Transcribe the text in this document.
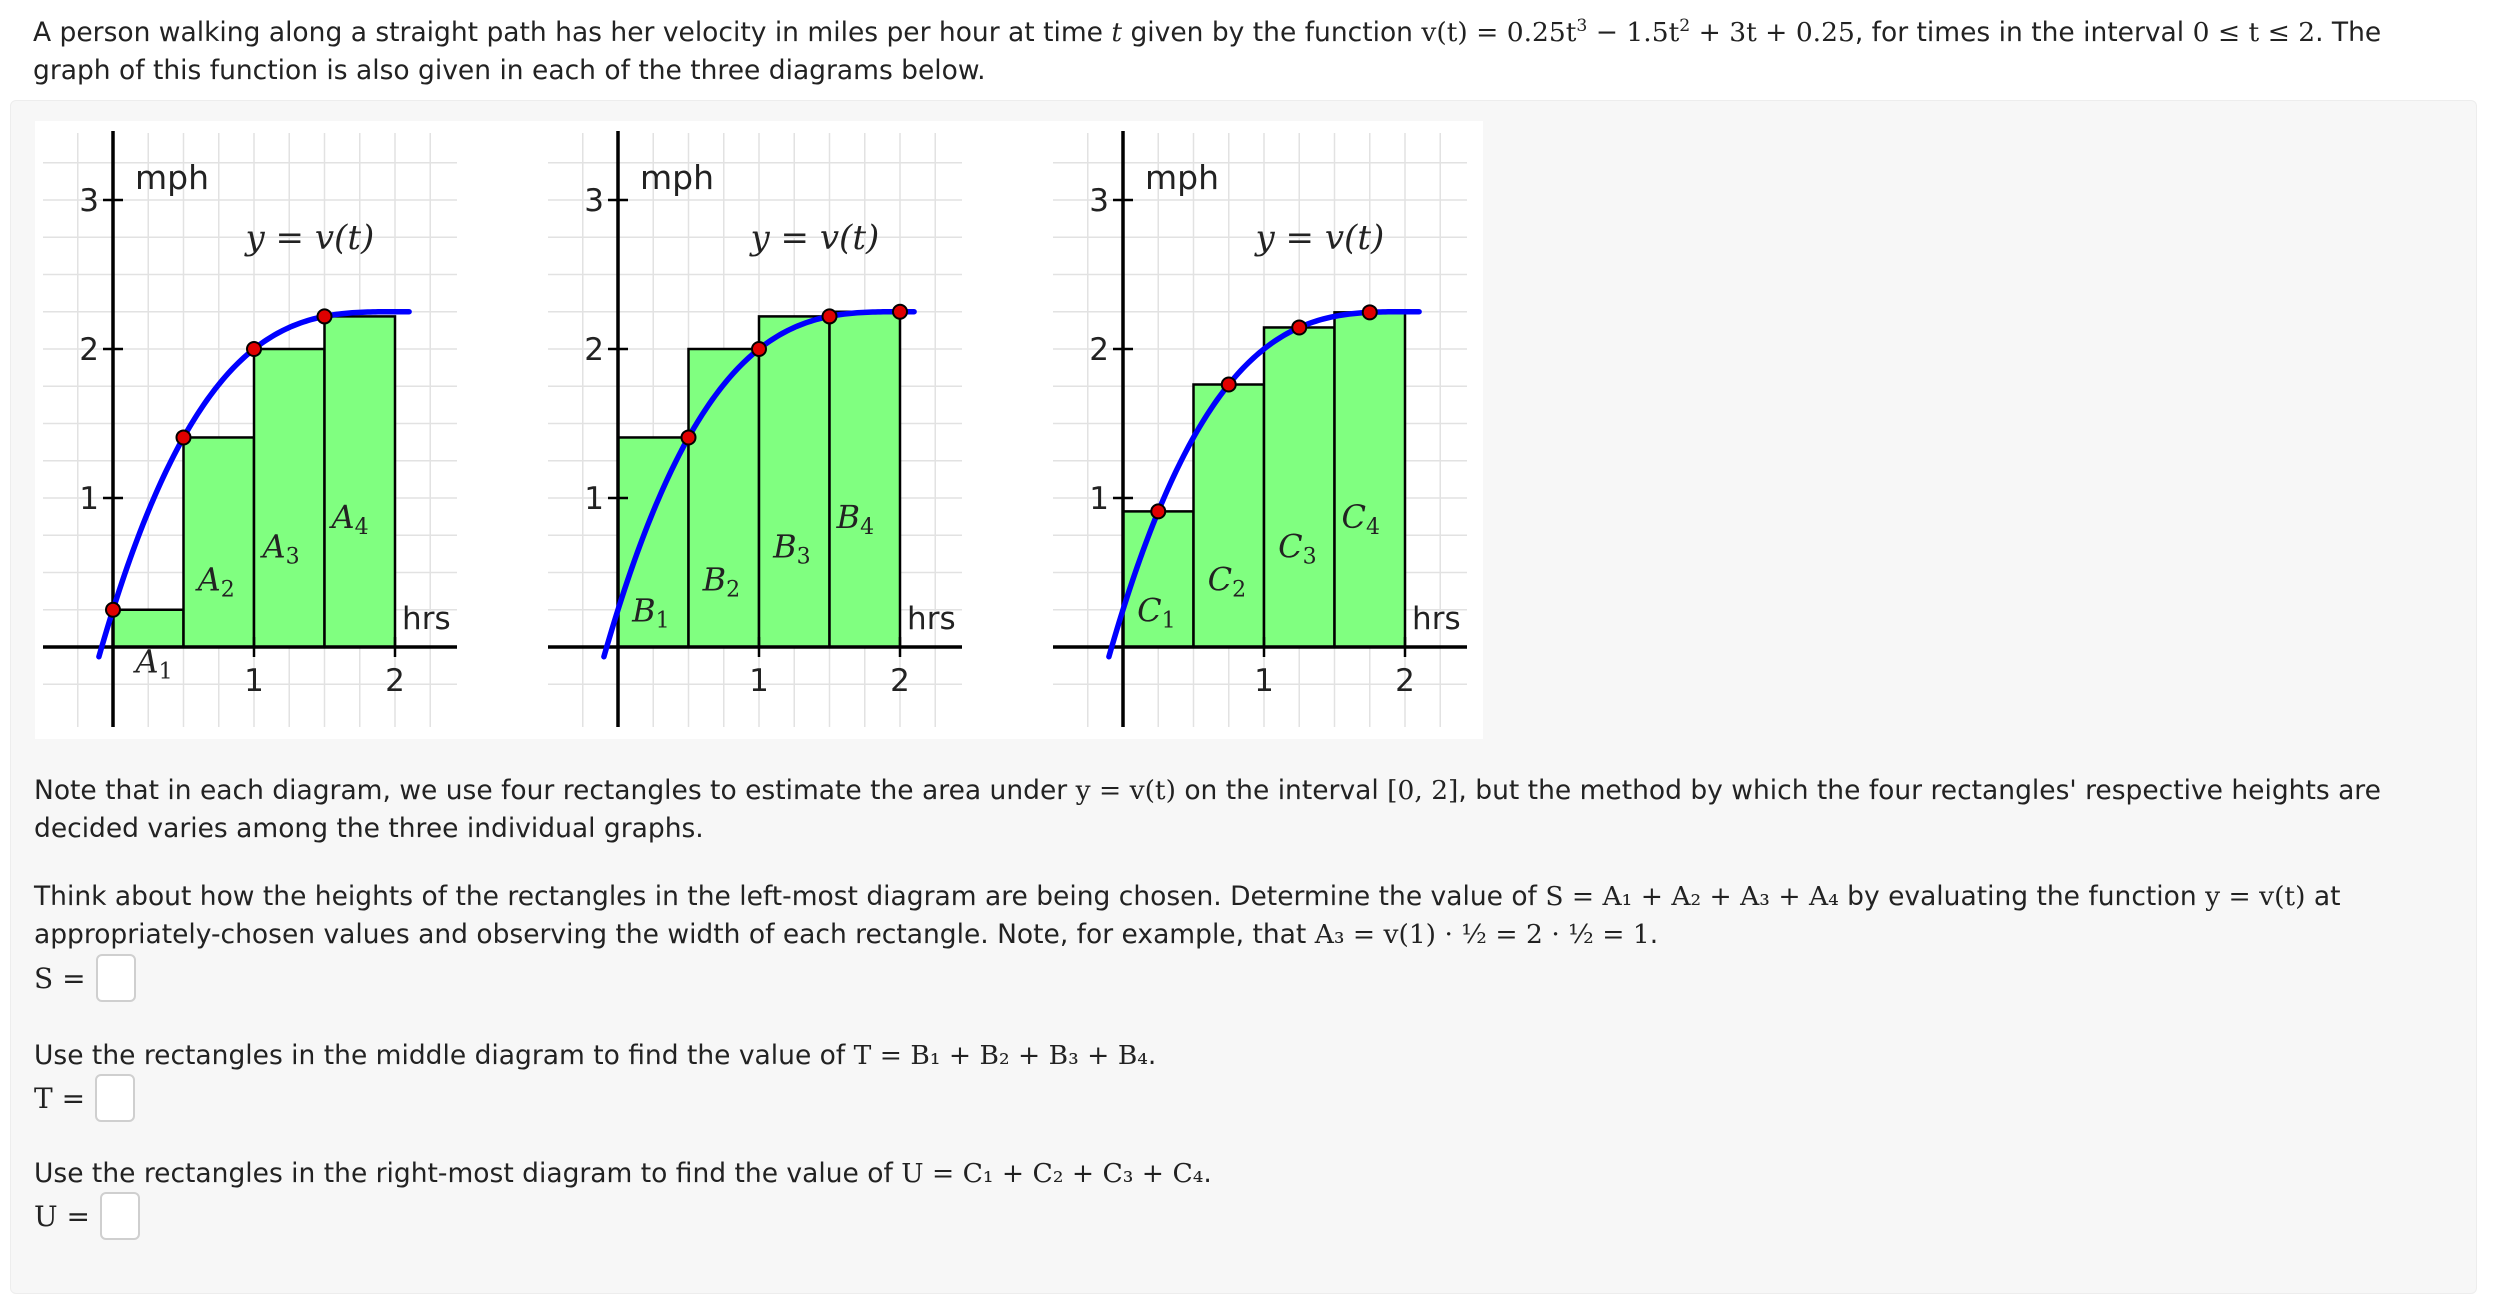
A person walking along a straight path has her velocity in miles per hour at time t given by the function $v(t) = 0.25t^3 - 1.5t^2 + 3t + 0.25$, for times in the interval 0 ≤ t ≤ 2. The graph of this function is also given in each of the three diagrams below.

1
2
3
1	2
mph
hrs
y = v(t)
A1
A2
A3
A4
1
2
3
1	2
mph
hrs
y = v(t)
B1
B2
B3
B4
1
2
3
1	2
mph
hrs
y = v(t)
C1
C2
C3
C4

Note that in each diagram, we use four rectangles to estimate the area under y = v(t) on the interval [0, 2], but the method by which the four rectangles' respective heights are decided varies among the three individual graphs.

Think about how the heights of the rectangles in the left-most diagram are being chosen. Determine the value of S = A₁ + A₂ + A₃ + A₄ by evaluating the function y = v(t) at appropriately-chosen values and observing the width of each rectangle. Note, for example, that A₃ = v(1) · ½ = 2 · ½ = 1.

S =

Use the rectangles in the middle diagram to find the value of T = B₁ + B₂ + B₃ + B₄.

T =

Use the rectangles in the right-most diagram to find the value of U = C₁ + C₂ + C₃ + C₄.

U =
